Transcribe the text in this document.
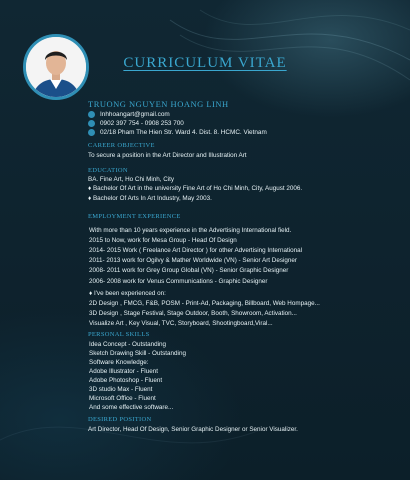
CURRICULUM VITAE
TRUONG NGUYEN HOANG LINH
Inhhoangart@gmail.com
0902 397 754 - 0908 253 700
02/18 Pham The Hien Str. Ward 4. Dist. 8. HCMC. Vietnam
CAREER OBJECTIVE
To secure a position in the Art Director and Illustration Art
EDUCATION
BA. Fine Art, Ho Chi Minh, City
♦ Bachelor Of Art in the university Fine Art of Ho Chi Minh, City, August 2006.
♦ Bachelor Of Arts In Art Industry, May 2003.
EMPLOYMENT EXPERIENCE
With more than 10 years experience in the Advertising International field.
2015 to Now, work for Mesa Group - Head Of Design
2014- 2015 Work ( Freelance Art Director ) for other Advertising International
2011- 2013 work for Ogilvy & Mather Worldwide (VN) - Senior Art Designer
2008- 2011 work for Grey Group Global (VN) - Senior Graphic Designer
2006- 2008 work for Venus Communications - Graphic Designer
♦ I've been experienced on:
2D Design , FMCG, F&B, POSM - Print-Ad, Packaging, Billboard, Web Hompage...
3D Design , Stage Festival, Stage Outdoor, Booth, Showroom, Activation...
Visualize Art , Key Visual, TVC, Storyboard, Shootingboard,Viral...
PERSONAL SKILLS
Idea Concept - Outstanding
Sketch Drawing Skill - Outstanding
Software Knowledge:
Adobe Illustrator - Fluent
Adobe Photoshop - Fluent
3D studio Max - Fluent
Microsoft Office - Fluent
And some effective software...
DESIRED POSITION
Art Director, Head Of Design, Senior Graphic Designer or Senior Visualizer.
